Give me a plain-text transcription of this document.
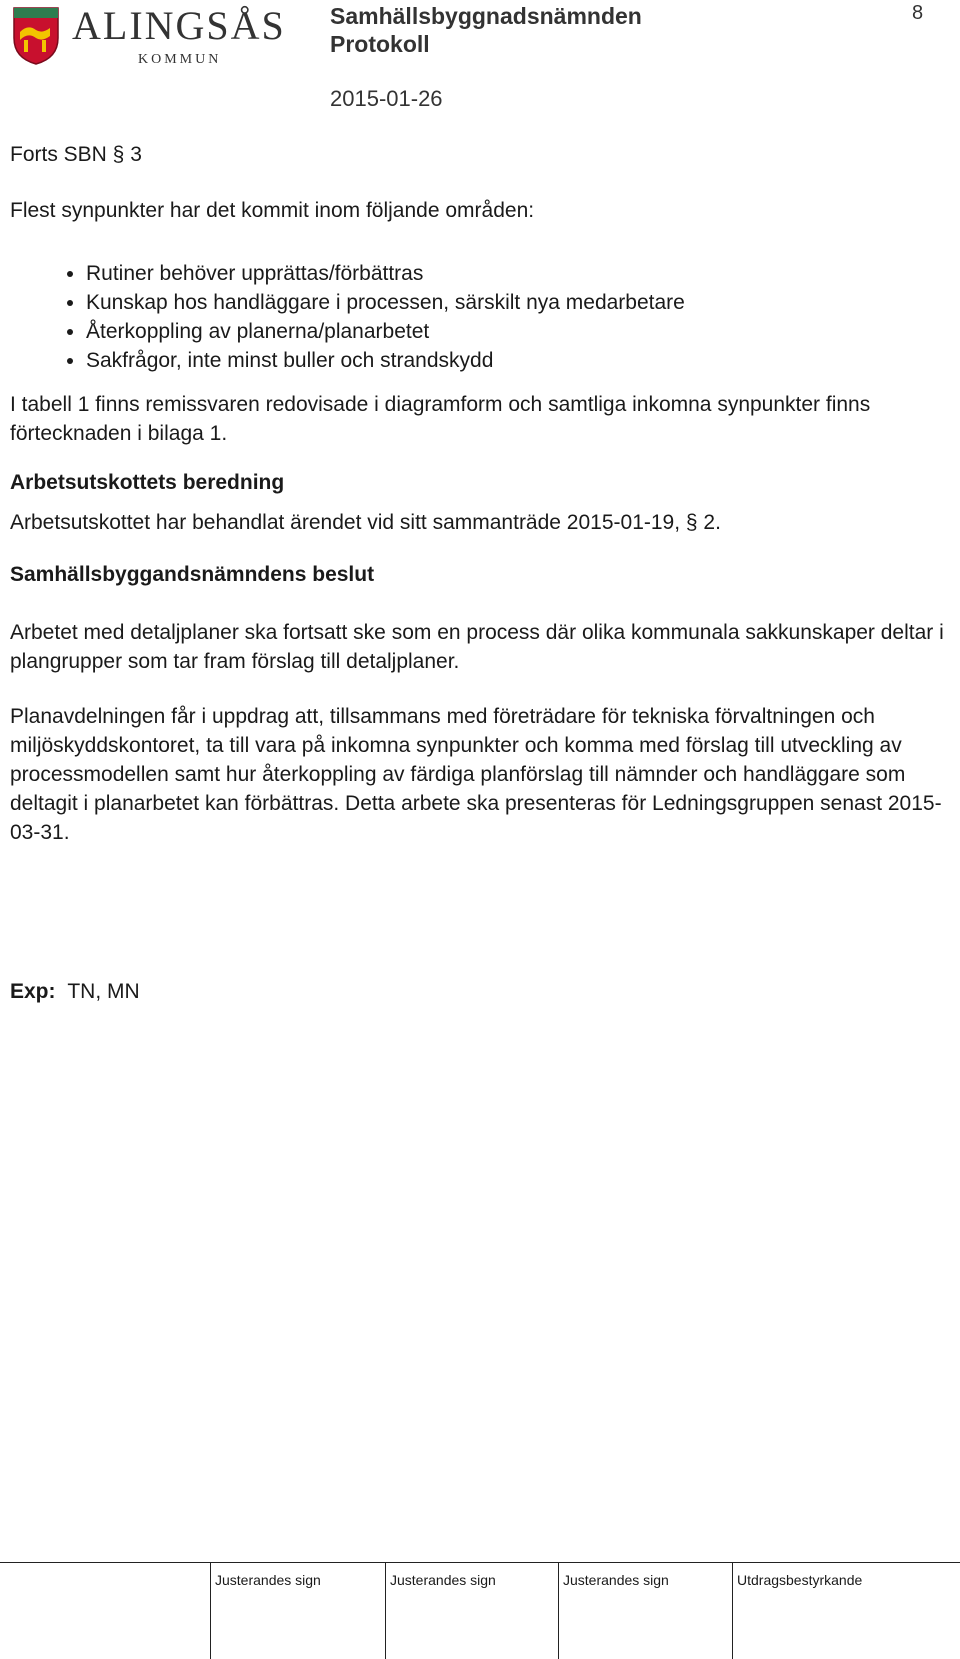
ALINGSÅS
KOMMUN
Samhällsbyggnadsnämnden
Protokoll
2015-01-26
8
Forts SBN § 3
Flest synpunkter har det kommit inom följande områden:
• Rutiner behöver upprättas/förbättras
• Kunskap hos handläggare i processen, särskilt nya medarbetare
• Återkoppling av planerna/planarbetet
• Sakfrågor, inte minst buller och strandskydd
I tabell 1 finns remissvaren redovisade i diagramform och samtliga inkomna synpunkter finns förtecknaden i bilaga 1.
Arbetsutskottets beredning
Arbetsutskottet har behandlat ärendet vid sitt sammanträde 2015-01-19, § 2.
Samhällsbyggandsnämndens beslut
Arbetet med detaljplaner ska fortsatt ske som en process där olika kommunala sakkunskaper deltar i plangrupper som tar fram förslag till detaljplaner.
Planavdelningen får i uppdrag att, tillsammans med företrädare för tekniska förvaltningen och miljöskyddskontoret, ta till vara på inkomna synpunkter och komma med förslag till utveckling av processmodellen samt hur återkoppling av färdiga planförslag till nämnder och handläggare som deltagit i planarbetet kan förbättras. Detta arbete ska presenteras för Ledningsgruppen senast 2015-03-31.
Exp: TN, MN
Justerandes sign	Justerandes sign	Justerandes sign	Utdragsbestyrkande
